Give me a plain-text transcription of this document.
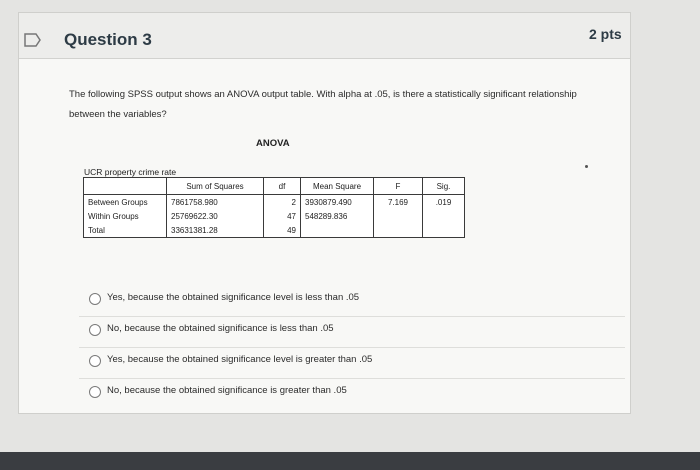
Question 3	2 pts
The following SPSS output shows an ANOVA output table. With alpha at .05, is there a statistically significant relationship between the variables?
ANOVA
UCR property crime rate
	Sum of Squares	df	Mean Square	F	Sig.
Between Groups	7861758.980	2	3930879.490	7.169	.019
Within Groups	25769622.30	47	548289.836		
Total	33631381.28	49			
Yes, because the obtained significance level is less than .05
No, because the obtained significance is less than .05
Yes, because the obtained significance level is greater than .05
No, because the obtained significance is greater than .05
